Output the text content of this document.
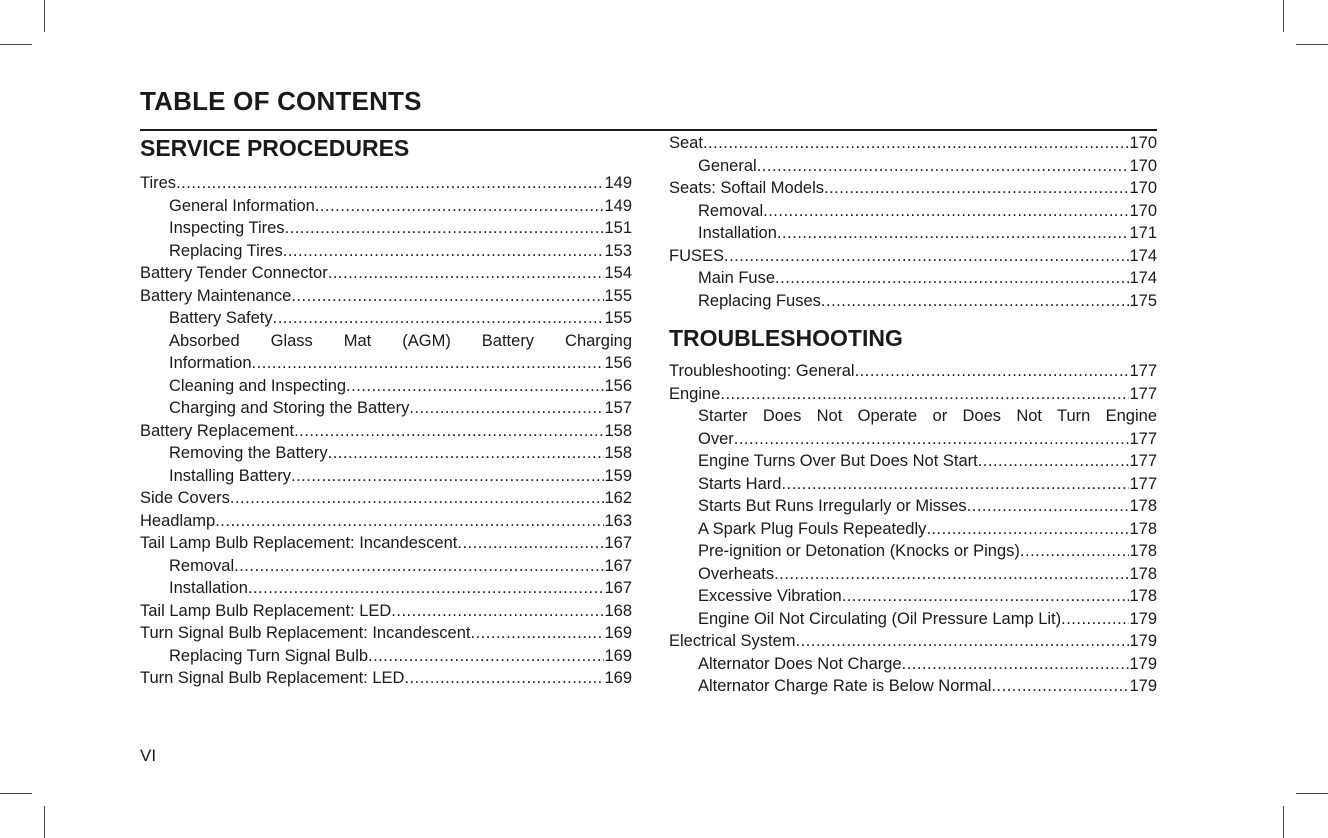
TABLE OF CONTENTS
SERVICE PROCEDURES
Tires .....	149
General Information .....	149
Inspecting Tires .....	151
Replacing Tires .....	153
Battery Tender Connector .....	154
Battery Maintenance .....	155
Battery Safety .....	155
Absorbed Glass Mat (AGM) Battery Charging
Information .....	156
Cleaning and Inspecting .....	156
Charging and Storing the Battery .....	157
Battery Replacement .....	158
Removing the Battery .....	158
Installing Battery .....	159
Side Covers .....	162
Headlamp .....	163
Tail Lamp Bulb Replacement: Incandescent .....	167
Removal .....	167
Installation .....	167
Tail Lamp Bulb Replacement: LED .....	168
Turn Signal Bulb Replacement: Incandescent .....	169
Replacing Turn Signal Bulb .....	169
Turn Signal Bulb Replacement: LED .....	169
Seat .....	170
General .....	170
Seats: Softail Models .....	170
Removal .....	170
Installation .....	171
FUSES .....	174
Main Fuse .....	174
Replacing Fuses .....	175
TROUBLESHOOTING
Troubleshooting: General .....	177
Engine .....	177
Starter Does Not Operate or Does Not Turn Engine
Over .....	177
Engine Turns Over But Does Not Start .....	177
Starts Hard .....	177
Starts But Runs Irregularly or Misses .....	178
A Spark Plug Fouls Repeatedly .....	178
Pre-ignition or Detonation (Knocks or Pings) .....	178
Overheats .....	178
Excessive Vibration .....	178
Engine Oil Not Circulating (Oil Pressure Lamp Lit) .....	179
Electrical System .....	179
Alternator Does Not Charge .....	179
Alternator Charge Rate is Below Normal .....	179
VI
